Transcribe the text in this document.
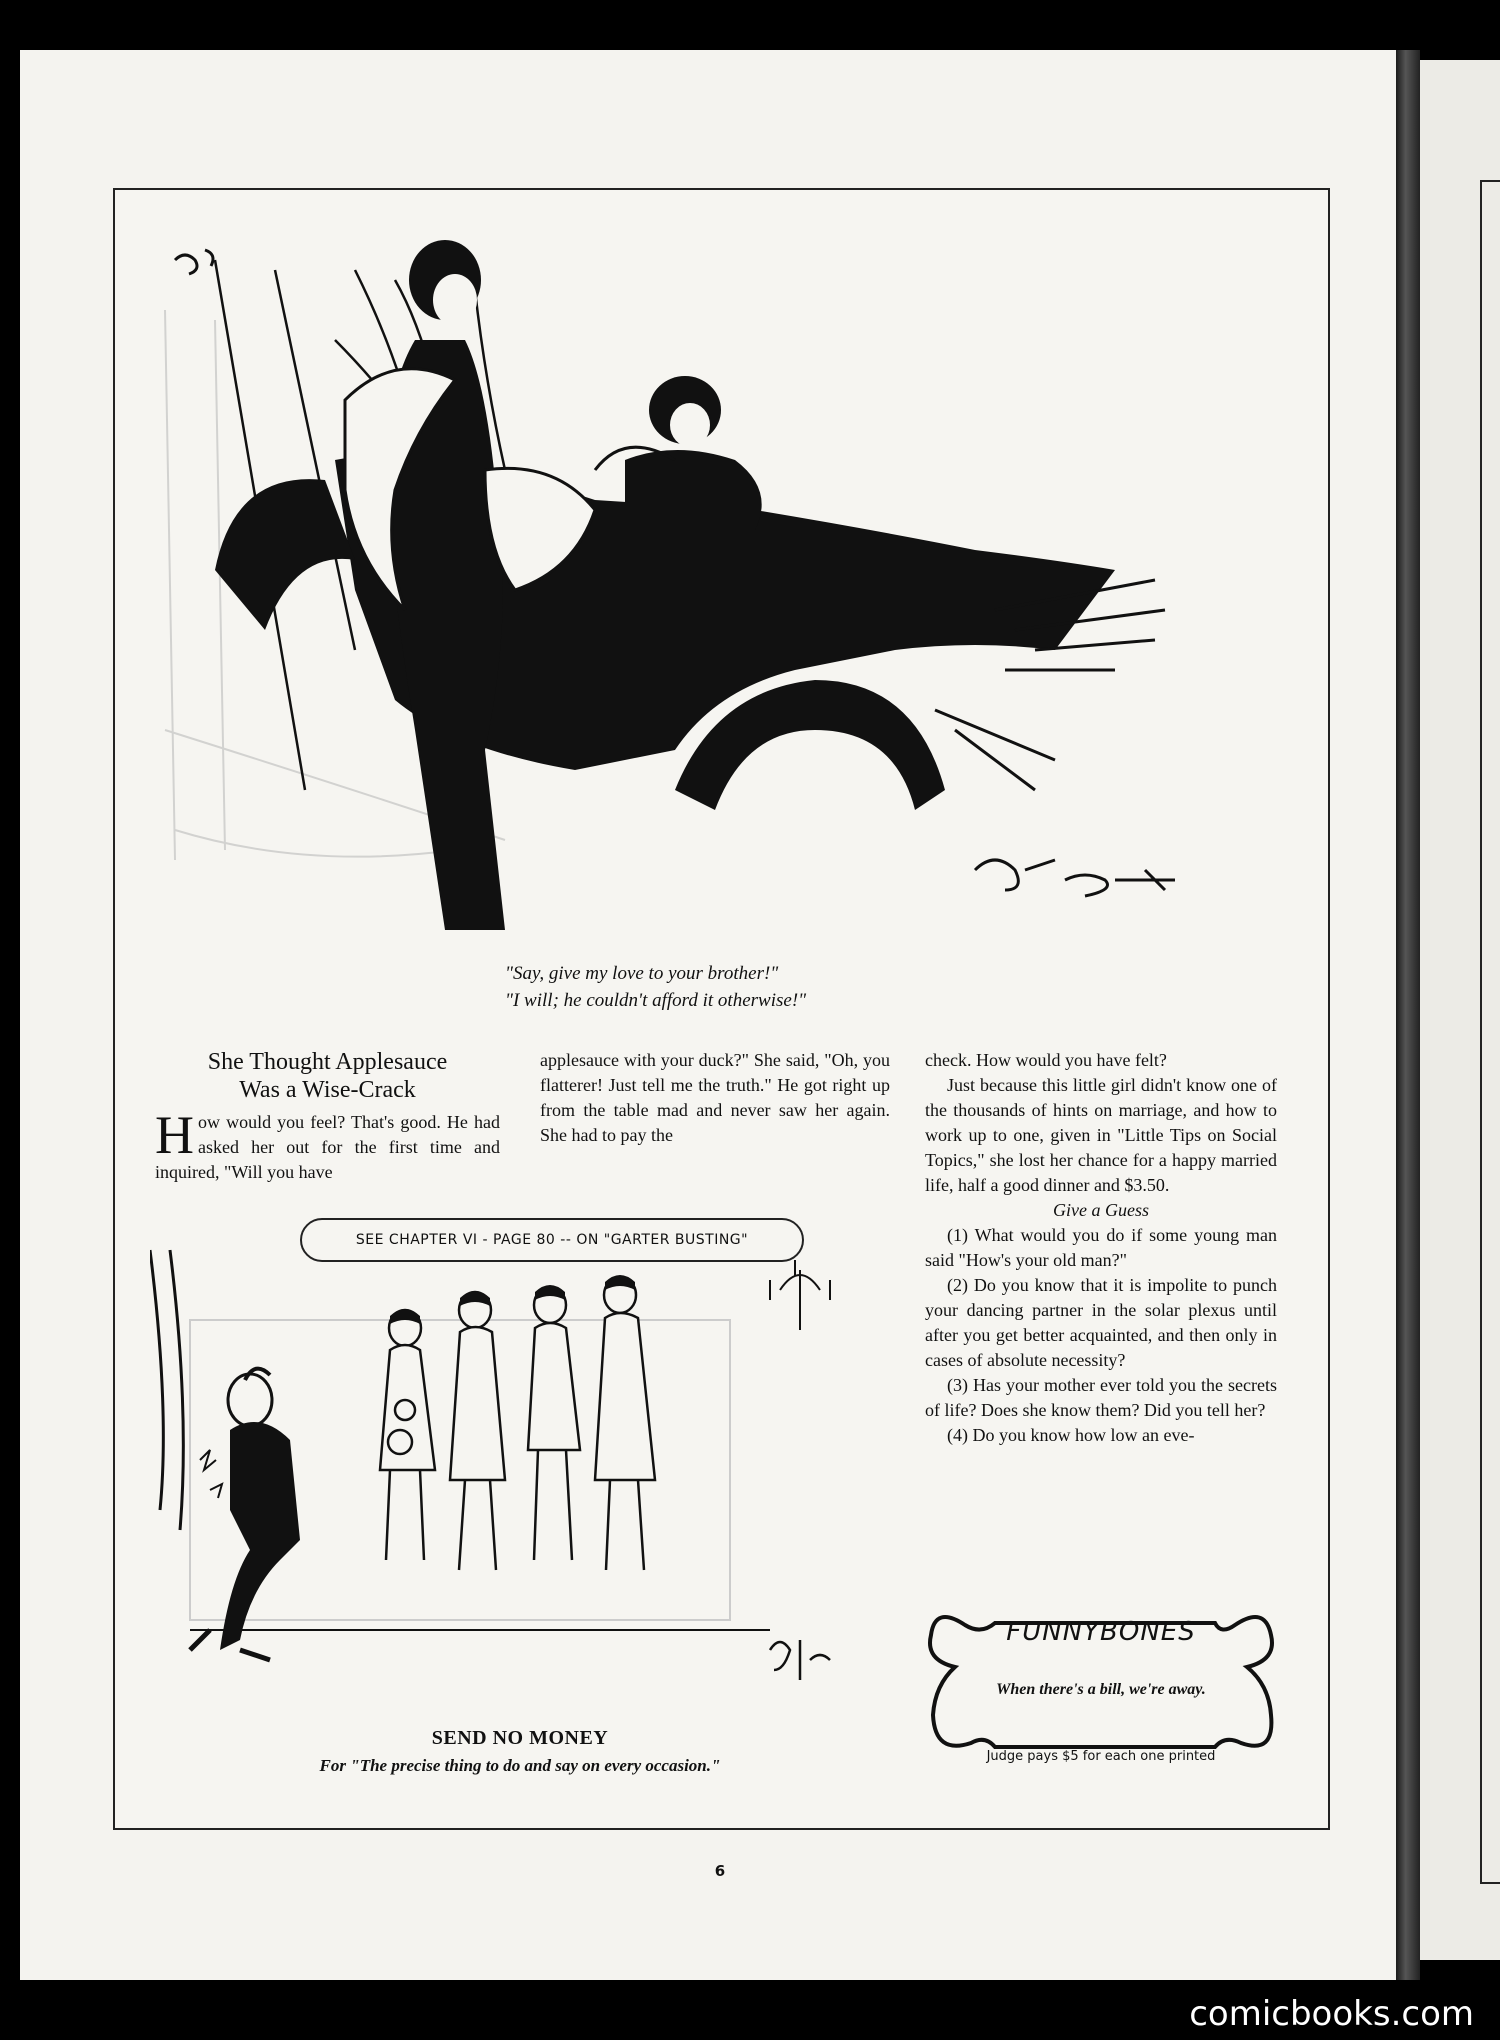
"Say, give my love to your brother!"
"I will; he couldn't afford it otherwise!"
She Thought Applesauce
Was a Wise-Crack

How would you feel? That's good. He had asked her out for the first time and inquired, "Will you have

applesauce with your duck?" She said, "Oh, you flatterer! Just tell me the truth." He got right up from the table mad and never saw her again. She had to pay the

check. How would you have felt?

Just because this little girl didn't know one of the thousands of hints on marriage, and how to work up to one, given in "Little Tips on Social Topics," she lost her chance for a happy married life, half a good dinner and $3.50.

Give a Guess

(1) What would you do if some young man said "How's your old man?"

(2) Do you know that it is impolite to punch your dancing partner in the solar plexus until after you get better acquainted, and then only in cases of absolute necessity?

(3) Has your mother ever told you the secrets of life? Does she know them? Did you tell her?

(4) Do you know how low an eve-

SEE CHAPTER VI - PAGE 80 -- ON "GARTER BUSTING"
SEND NO MONEY
For "The precise thing to do and say on every occasion."
FUNNYBONES
When there's a bill, we're away.
Judge pays $5 for each one printed
6
comicbooks.com
